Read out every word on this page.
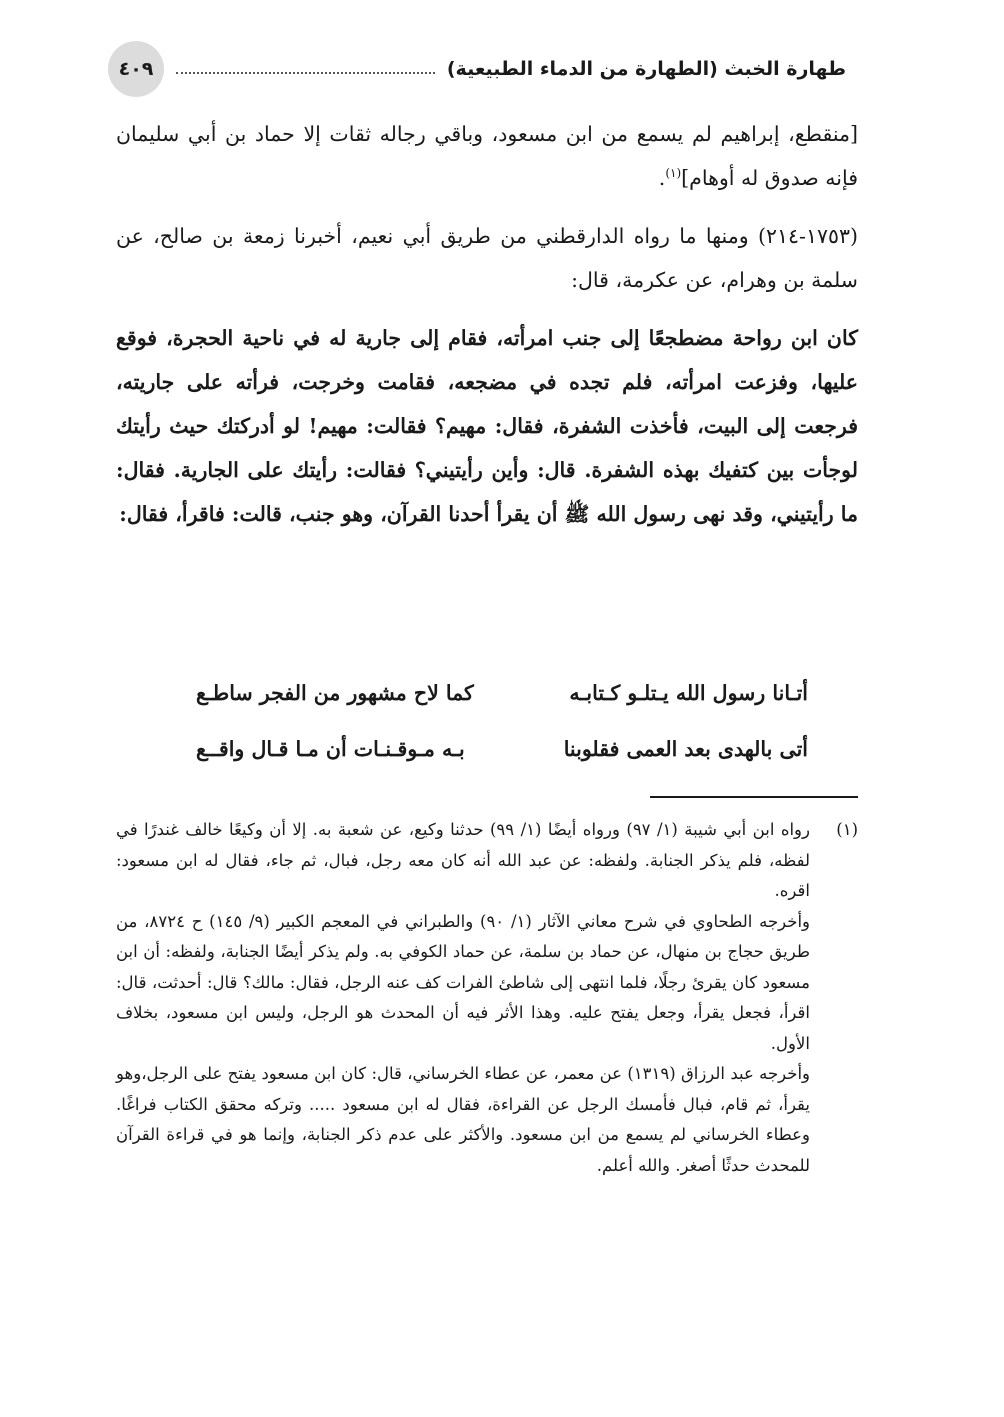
طهارة الخبث (الطهارة من الدماء الطبيعية)
٤٠٩

[منقطع، إبراهيم لم يسمع من ابن مسعود، وباقي رجاله ثقات إلا حماد بن أبي سليمان فإنه صدوق له أوهام]$^{(١)}$.

(١٧٥٣-٢١٤) ومنها ما رواه الدارقطني من طريق أبي نعيم، أخبرنا زمعة بن صالح، عن سلمة بن وهرام، عن عكرمة، قال:

كان ابن رواحة مضطجعًا إلى جنب امرأته، فقام إلى جارية له في ناحية الحجرة، فوقع عليها، وفزعت امرأته، فلم تجده في مضجعه، فقامت وخرجت، فرأته على جاريته، فرجعت إلى البيت، فأخذت الشفرة، فقال: مهيم؟ فقالت: مهيم! لو أدركتك حيث رأيتك لوجأت بين كتفيك بهذه الشفرة. قال: وأين رأيتيني؟ فقالت: رأيتك على الجارية. فقال: ما رأيتيني، وقد نهى رسول الله ﷺ أن يقرأ أحدنا القرآن، وهو جنب، قالت: فاقرأ، فقال:

أتـانا رسول الله يـتلـو كـتابـه
كما لاح مشهور من الفجر ساطـع
أتى بالهدى بعد العمى فقلوبنا
بـه مـوقـنـات أن مـا قـال واقــع

(١)
رواه ابن أبي شيبة (١/ ٩٧) ورواه أيضًا (١/ ٩٩) حدثنا وكيع، عن شعبة به. إلا أن وكيعًا خالف غندرًا في لفظه، فلم يذكر الجنابة. ولفظه: عن عبد الله أنه كان معه رجل، فبال، ثم جاء، فقال له ابن مسعود: اقره.

وأخرجه الطحاوي في شرح معاني الآثار (١/ ٩٠) والطبراني في المعجم الكبير (٩/ ١٤٥) ح ٨٧٢٤، من طريق حجاج بن منهال، عن حماد بن سلمة، عن حماد الكوفي به. ولم يذكر أيضًا الجنابة، ولفظه: أن ابن مسعود كان يقرئ رجلًا، فلما انتهى إلى شاطئ الفرات كف عنه الرجل، فقال: مالك؟ قال: أحدثت، قال: اقرأ، فجعل يقرأ، وجعل يفتح عليه. وهذا الأثر فيه أن المحدث هو الرجل، وليس ابن مسعود، بخلاف الأول.

وأخرجه عبد الرزاق (١٣١٩) عن معمر، عن عطاء الخرساني، قال: كان ابن مسعود يفتح على الرجل،وهو يقرأ، ثم قام، فبال فأمسك الرجل عن القراءة، فقال له ابن مسعود ..... وتركه محقق الكتاب فراغًا. وعطاء الخرساني لم يسمع من ابن مسعود. والأكثر على عدم ذكر الجنابة، وإنما هو في قراءة القرآن للمحدث حدثًا أصغر. والله أعلم.
